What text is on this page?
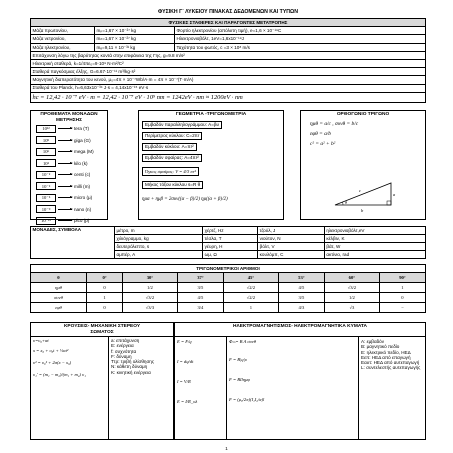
ΦΥΣΙΚΗ Γ΄ ΛΥΚΕΙΟΥ ΠΙΝΑΚΑΣ ΔΕΔΟΜΕΝΩΝ ΚΑΙ ΤΥΠΩΝ
ΦΥΣΙΚΕΣ ΣΤΑΘΕΡΕΣ ΚΑΙ ΠΑΡΑΓΟΝΤΕΣ ΜΕΤΑΤΡΟΠΗΣ		
Μάζα πρωτονίου,	mₚ=1,67 × 10⁻²⁷ kg	Φορτίο ηλεκτρονίου (απόλυτη τιμή), e=1,6 × 10⁻¹⁹C
Μάζα νετρονίου,	mₙ=1,67 × 10⁻²⁷ kg	Ηλεκτρονιοβόλτ, 1eV=1,6x10⁻¹⁹J
Μάζα ηλεκτρονίου,	mₑ=9,11 × 10⁻³¹ kg	Ταχύτητα του φωτός, c =3 × 10⁸ m/s
Επιτάχυνση λόγω της βαρύτητας κοντά στην επιφάνεια της Γης, g=9.8 m/s²		
Ηλεκτρική σταθερά, k=1/4πε₀=9·10⁹ N·m²/C²		
Σταθερά παγκόσμιας έλξης, G=6.67·10⁻¹¹ m³/kg·s²		
Μαγνητική διαπερατότητα του κενού, μ₀=4π × 10⁻⁷Wb/A·m = 4π × 10⁻⁷(T·m/A)		
Σταθερά του Planck, h=6,63x10⁻³⁴ J·s = 4,14x10⁻¹⁵ eV·s		
hc = 12,42 · 10⁻⁷ eV · m = 12,42 · 10⁻⁷ eV · 10⁹ nm = 1242eV · nm ≈ 1200eV · nm		
ΠΡΟΘΕΜΑΤΑ ΜΟΝΑΔΩΝ
ΜΕΤΡΗΣΗΣ
10¹²	tera (T)
10⁹	giga (G)
10⁶	mega (M)
10³	kilo (k)
10⁻²	centi (c)
10⁻³	milli (m)
10⁻⁶	micro (μ)
10⁻⁹	nano (n)
10⁻¹²	pico (p)
ΓΕΩΜΕΤΡΙΑ -ΤΡΙΓΩΝΟΜΕΤΡΙΑ
Εμβαδόν παραλληλογράμμου: A=βυ
Περίμετρος κύκλου: C=2πr
Εμβαδόν κύκλου: A=πr²
Εμβαδόν σφαίρας: A=4πr²
Όγκος σφαίρας: V = 4/3 πr³
Μήκος τόξου κύκλου s=R θ
ημα + ημβ = 2συν((α − β)/2) ημ((α + β)/2)
ΟΡΘΟΓΩΝΙΟ ΤΡΙΓΩΝΟ
ημθ = a/c , συνθ = b/c
εφθ = a/b
c² = a² + b²
θ
a
b
c
ΜΟΝΑΔΕΣ, ΣΥΜΒΟΛΑ	μέτρο, m	χέρτζ, Hz	τζούλ, J	ηλεκτρονιοβόλτ,eV
	χιλιόγραμμο, kg	τέσλα, T	νιούτον, N	κέλβιν, K
	δευτερόλεπτο, s	γέυρη, H	βόλτ, V	βάτ, W
	αμπέρ, A	ωμ, Ω	κουλόμπ, C	ακτίνιο, rad
ΤΡΙΓΩΝΟΜΕΤΡΙΚΟΙ ΑΡΙΘΜΟΙ							
θ	0°	30°	37°	45°	53°	60°	90°
ημθ	0	1/2	3/5	√2/2	4/5	√3/2	1
συνθ	1	√3/2	4/5	√2/2	3/5	1/2	0
εφθ	0	√3/3	3/4	1	4/3	√3	−
ΚΡΟΥΣΕΙΣ- ΜΗΧΑΝΙΚΗ ΣΤΕΡΕΟΥ
ΣΩΜΑΤΟΣ
υ=υ₀+αt
x = x₀ + υ₀t + ½at²
υ² = υ₀² + 2α(x − x₀)
υ₁′ = (m₁ − m₂)/(m₁ + m₂) υ₁
a: επιτάχυνση
E: ενέργεια
f: συχνότητα
F: δύναμη
Tτρ: τριβή ολίσθησης
N: κάθετη δύναμη
K: κινητική ενέργεια
ΗΛΕΚΤΡΟΜΑΓΝΗΤΙΣΜΟΣ- ΗΛΕΚΤΡΟΜΑΓΝΗΤΙΚΑ ΚΥΜΑΤΑ
E = F/q
I = dq/dt
I = V/R
E = I/R_ολ
Φₘ= B A συνθ
F = B|q|υ
F = BIlημφ
F = (μ₀/2π)(I₁I₂/α)l
A: εμβαδόν
B: μαγνητικό πεδίο
E: ηλεκτρικό πεδίο, ΗΕΔ
Eεπ: ΗΕΔ από επαγωγή
Eαυτ: ΗΕΔ από αυτεπαγωγή
L: συντελεστής αυτεπαγωγής
1
